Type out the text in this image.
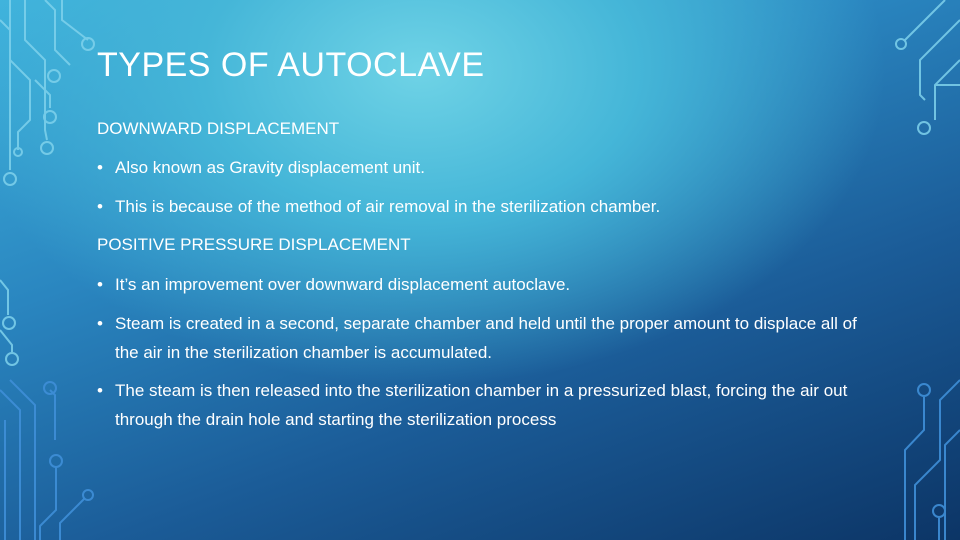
TYPES OF AUTOCLAVE
DOWNWARD DISPLACEMENT
• Also known as Gravity displacement unit.
• This is because of the method of air removal in the sterilization chamber.
POSITIVE PRESSURE DISPLACEMENT
• It’s an improvement over downward displacement autoclave.
• Steam is created in a second, separate chamber and held until the proper amount to displace all of the air in the sterilization chamber is accumulated.
• The steam is then released into the sterilization chamber in a pressurized blast, forcing the air out through the drain hole and starting the sterilization process
